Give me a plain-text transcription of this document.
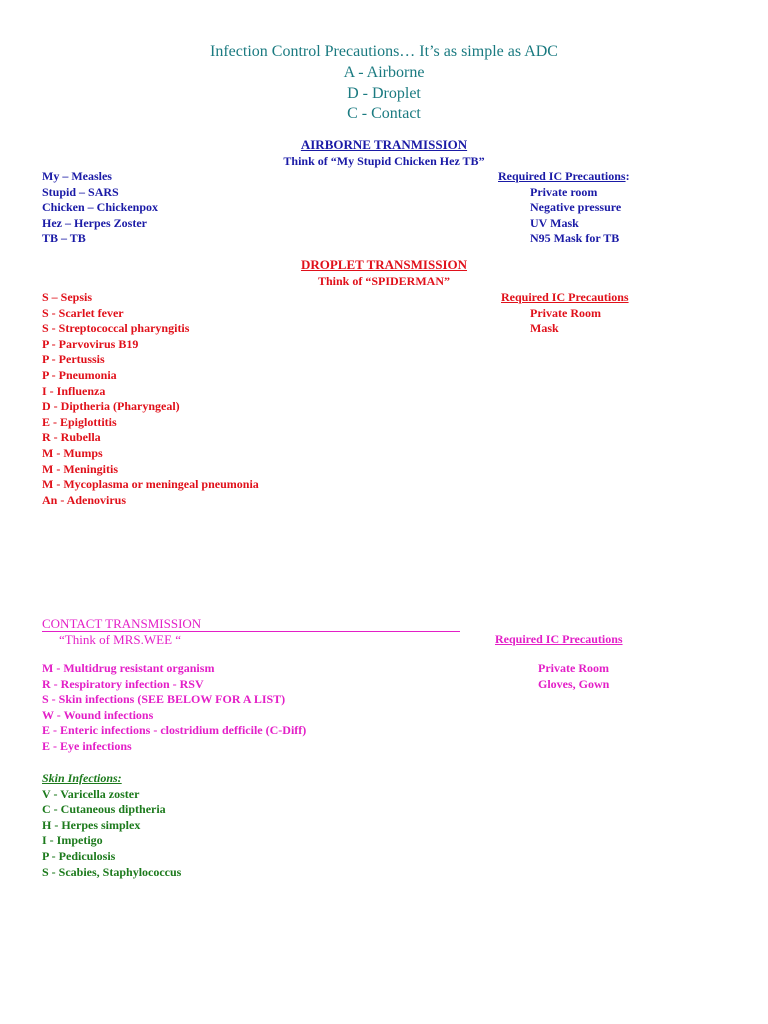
Infection Control Precautions… It’s as simple as ADC
A - Airborne
D - Droplet
C - Contact
AIRBORNE TRANMISSION
Think of “My Stupid Chicken Hez TB”
My – Measles
Stupid – SARS
Chicken – Chickenpox
Hez – Herpes Zoster
TB – TB
Required IC Precautions:
Private room
Negative pressure
UV Mask
N95 Mask for TB
DROPLET TRANSMISSION
Think of “SPIDERMAN”
S – Sepsis
S - Scarlet fever
S - Streptococcal pharyngitis
P - Parvovirus B19
P - Pertussis
P - Pneumonia
I - Influenza
D - Diptheria (Pharyngeal)
E - Epiglottitis
R - Rubella
M - Mumps
M - Meningitis
M - Mycoplasma or meningeal pneumonia
An - Adenovirus
Required IC Precautions
Private Room
Mask
CONTACT TRANSMISSION
“Think of MRS.WEE “	Required IC Precautions
M - Multidrug resistant organism
R - Respiratory infection - RSV
S - Skin infections (SEE BELOW FOR A LIST)
W - Wound infections
E - Enteric infections - clostridium defficile (C-Diff)
E - Eye infections
Private Room
Gloves, Gown
Skin Infections:
V - Varicella zoster
C - Cutaneous diptheria
H - Herpes simplex
I - Impetigo
P - Pediculosis
S - Scabies, Staphylococcus
